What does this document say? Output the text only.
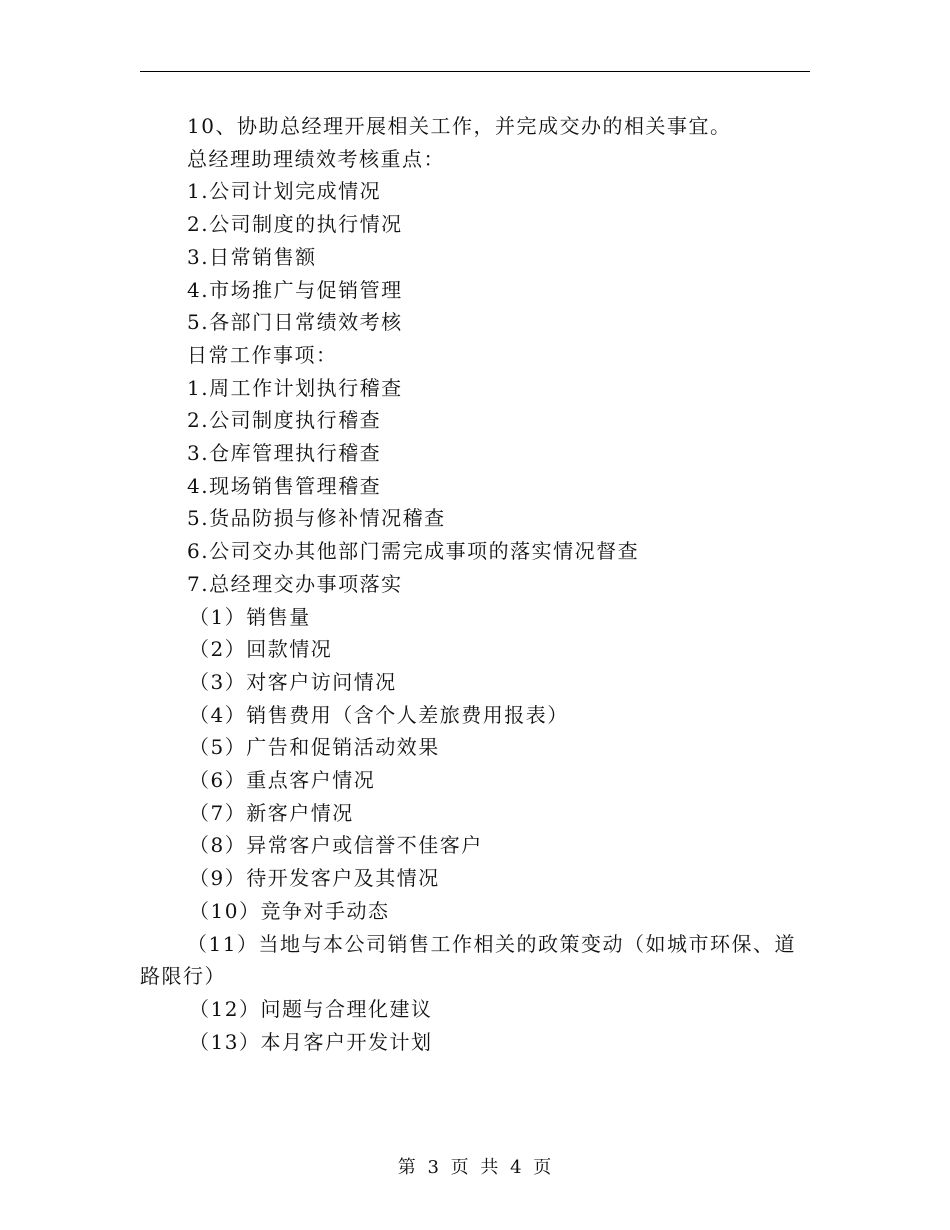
10、协助总经理开展相关工作，并完成交办的相关事宜。

总经理助理绩效考核重点：

1.公司计划完成情况

2.公司制度的执行情况

3.日常销售额

4.市场推广与促销管理

5.各部门日常绩效考核

日常工作事项：

1.周工作计划执行稽查

2.公司制度执行稽查

3.仓库管理执行稽查

4.现场销售管理稽查

5.货品防损与修补情况稽查

6.公司交办其他部门需完成事项的落实情况督查

7.总经理交办事项落实

（1）销售量

（2）回款情况

（3）对客户访问情况

（4）销售费用（含个人差旅费用报表）

（5）广告和促销活动效果

（6）重点客户情况

（7）新客户情况

（8）异常客户或信誉不佳客户

（9）待开发客户及其情况

（10）竞争对手动态

（11）当地与本公司销售工作相关的政策变动（如城市环保、道路限行）

（12）问题与合理化建议

（13）本月客户开发计划

第 3 页 共 4 页
